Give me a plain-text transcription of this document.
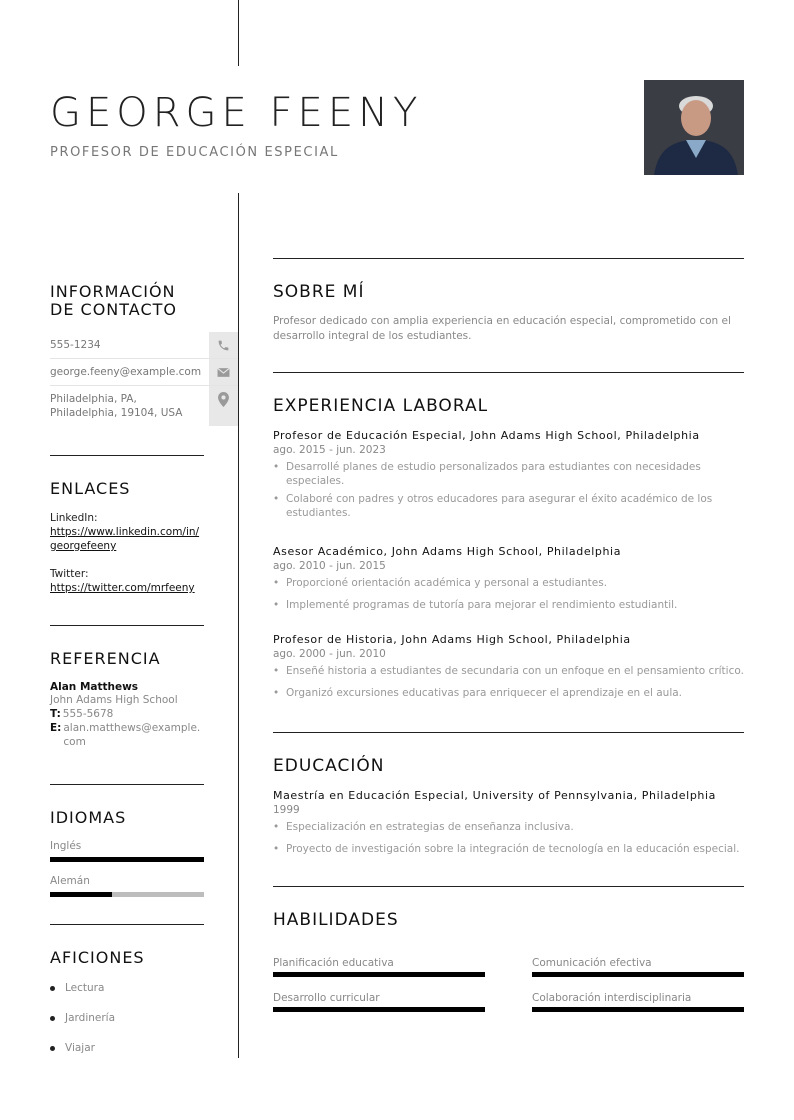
GEORGE FEENY
PROFESOR DE EDUCACIÓN ESPECIAL
INFORMACIÓN
DE CONTACTO
555-1234
george.feeny@example.com
Philadelphia, PA,
Philadelphia, 19104, USA
ENLACES
LinkedIn:
https://www.linkedin.com/in/georgefeeny
Twitter:
https://twitter.com/mrfeeny
REFERENCIA
Alan Matthews
John Adams High School
T: 555-5678
E: alan.matthews@example.com
IDIOMAS
Inglés
Alemán
AFICIONES
Lectura
Jardinería
Viajar
SOBRE MÍ
Profesor dedicado con amplia experiencia en educación especial, comprometido con el desarrollo integral de los estudiantes.
EXPERIENCIA LABORAL
Profesor de Educación Especial, John Adams High School, Philadelphia
ago. 2015 - jun. 2023
• Desarrollé planes de estudio personalizados para estudiantes con necesidades especiales.
• Colaboré con padres y otros educadores para asegurar el éxito académico de los estudiantes.
Asesor Académico, John Adams High School, Philadelphia
ago. 2010 - jun. 2015
• Proporcioné orientación académica y personal a estudiantes.
• Implementé programas de tutoría para mejorar el rendimiento estudiantil.
Profesor de Historia, John Adams High School, Philadelphia
ago. 2000 - jun. 2010
• Enseñé historia a estudiantes de secundaria con un enfoque en el pensamiento crítico.
• Organizó excursiones educativas para enriquecer el aprendizaje en el aula.
EDUCACIÓN
Maestría en Educación Especial, University of Pennsylvania, Philadelphia
1999
• Especialización en estrategias de enseñanza inclusiva.
• Proyecto de investigación sobre la integración de tecnología en la educación especial.
HABILIDADES
Planificación educativa	Comunicación efectiva
Desarrollo curricular	Colaboración interdisciplinaria
